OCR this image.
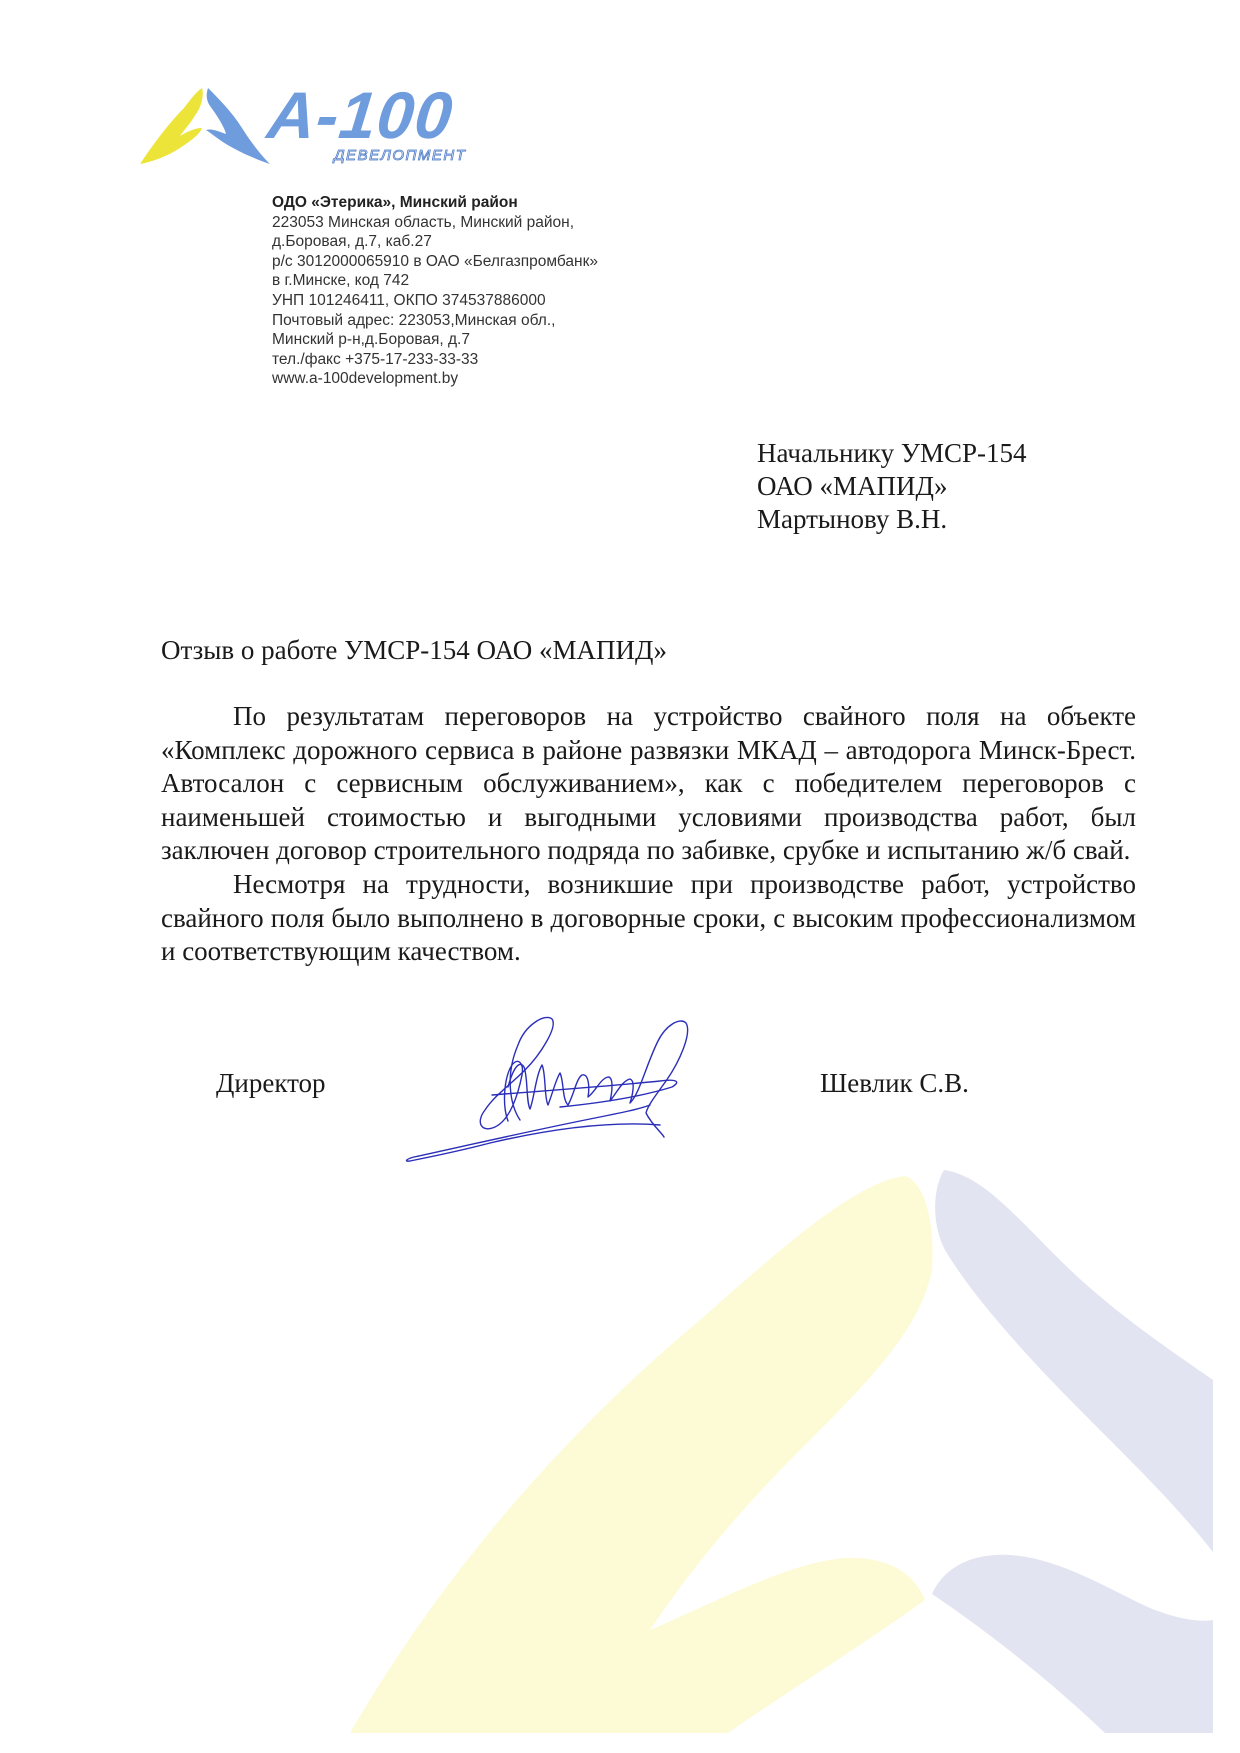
A-100
ДЕВЕЛОПМЕНТ
ОДО «Этерика», Минский район
223053 Минская область, Минский район,
д.Боровая, д.7, каб.27
р/с 3012000065910 в ОАО «Белгазпромбанк»
в г.Минске, код 742
УНП 101246411, ОКПО 374537886000
Почтовый адрес: 223053,Минская обл.,
Минский р-н,д.Боровая, д.7
тел./факс +375-17-233-33-33
www.a-100development.by
Начальнику УМСР-154
ОАО «МАПИД»
Мартынову В.Н.
Отзыв о работе УМСР-154 ОАО «МАПИД»

По результатам переговоров на устройство свайного поля на объекте «Комплекс дорожного сервиса в районе развязки МКАД – автодорога Минск-Брест. Автосалон с сервисным обслуживанием», как с победителем переговоров с наименьшей стоимостью и выгодными условиями производства работ, был заключен договор строительного подряда по забивке, срубке и испытанию ж/б свай.

Несмотря на трудности, возникшие при производстве работ, устройство свайного поля было выполнено в договорные сроки, с высоким профессионализмом и соответствующим качеством.

Директор	Шевлик С.В.
